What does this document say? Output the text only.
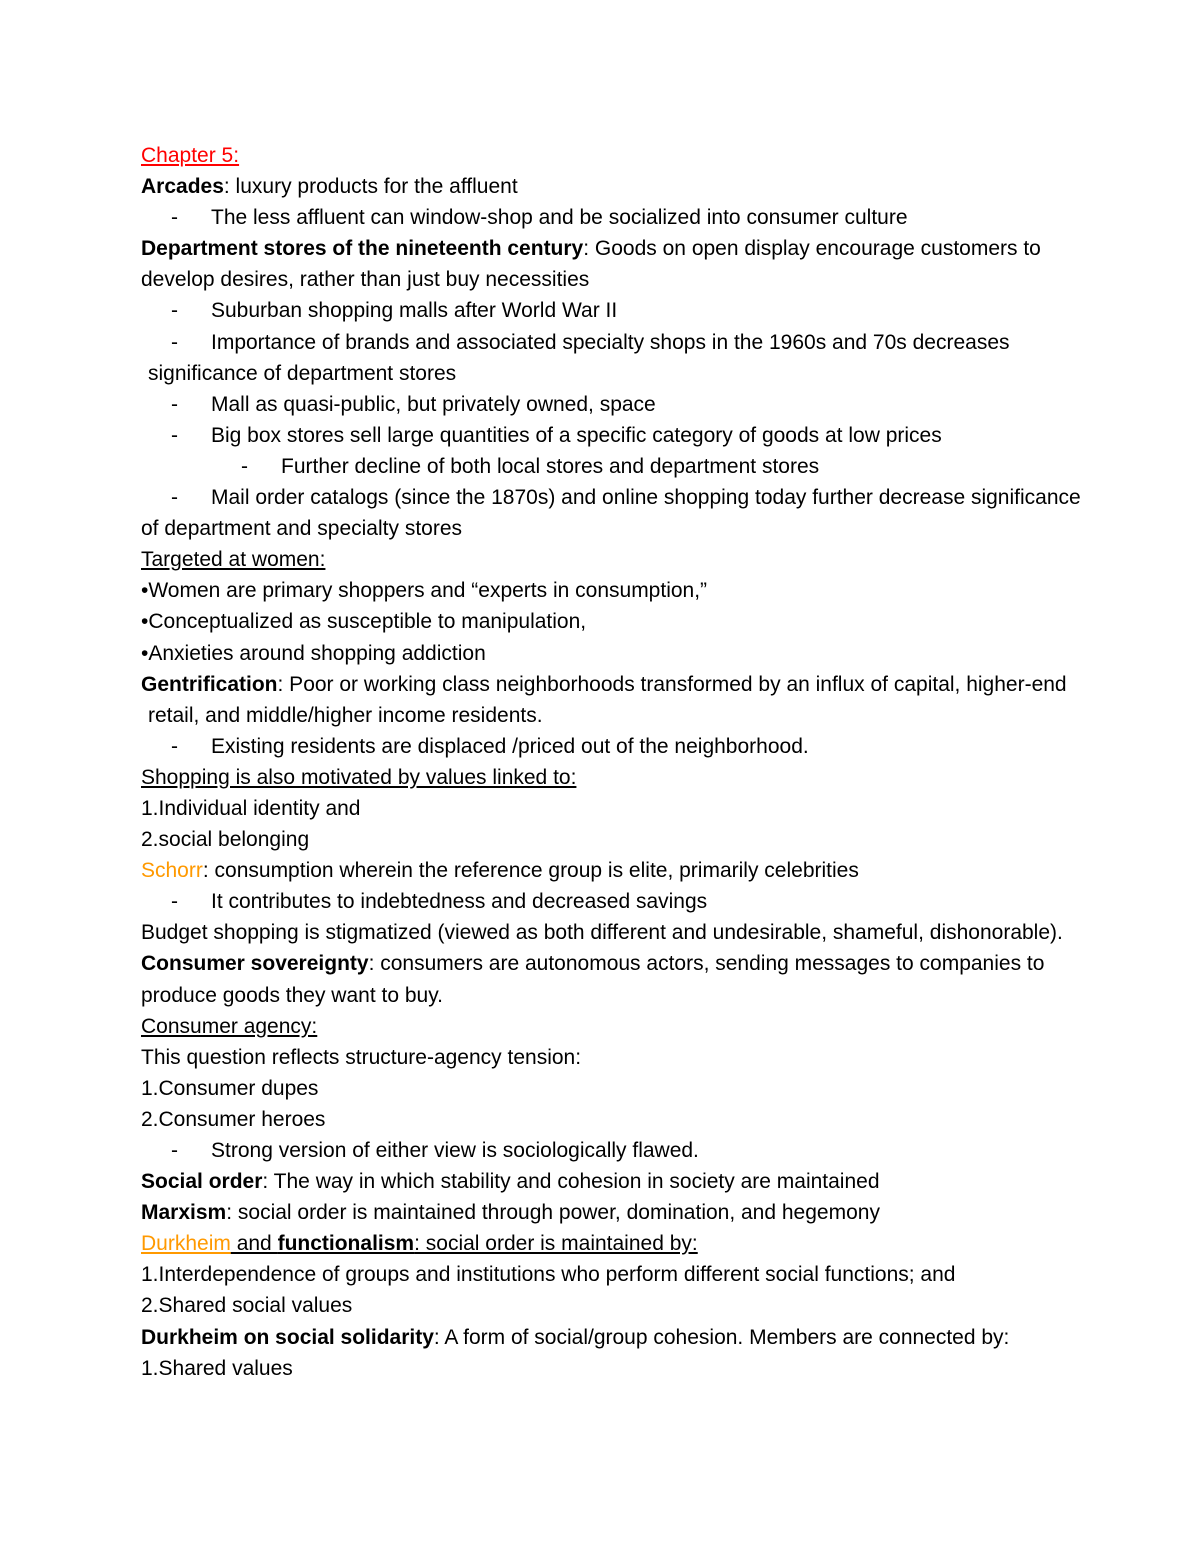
Chapter 5:
Arcades: luxury products for the affluent
- The less affluent can window-shop and be socialized into consumer culture
Department stores of the nineteenth century: Goods on open display encourage customers to
develop desires, rather than just buy necessities
- Suburban shopping malls after World War II
- Importance of brands and associated specialty shops in the 1960s and 70s decreases
significance of department stores
- Mall as quasi-public, but privately owned, space
- Big box stores sell large quantities of a specific category of goods at low prices
- Further decline of both local stores and department stores
- Mail order catalogs (since the 1870s) and online shopping today further decrease significance
of department and specialty stores
Targeted at women:
•Women are primary shoppers and “experts in consumption,”
•Conceptualized as susceptible to manipulation,
•Anxieties around shopping addiction
Gentrification: Poor or working class neighborhoods transformed by an influx of capital, higher-end
retail, and middle/higher income residents.
- Existing residents are displaced /priced out of the neighborhood.
Shopping is also motivated by values linked to:
1.Individual identity and
2.social belonging
Schorr: consumption wherein the reference group is elite, primarily celebrities
- It contributes to indebtedness and decreased savings
Budget shopping is stigmatized (viewed as both different and undesirable, shameful, dishonorable).
Consumer sovereignty: consumers are autonomous actors, sending messages to companies to
produce goods they want to buy.
Consumer agency:
This question reflects structure-agency tension:
1.Consumer dupes
2.Consumer heroes
- Strong version of either view is sociologically flawed.
Social order: The way in which stability and cohesion in society are maintained
Marxism: social order is maintained through power, domination, and hegemony
Durkheim and functionalism: social order is maintained by:
1.Interdependence of groups and institutions who perform different social functions; and
2.Shared social values
Durkheim on social solidarity: A form of social/group cohesion. Members are connected by:
1.Shared values
